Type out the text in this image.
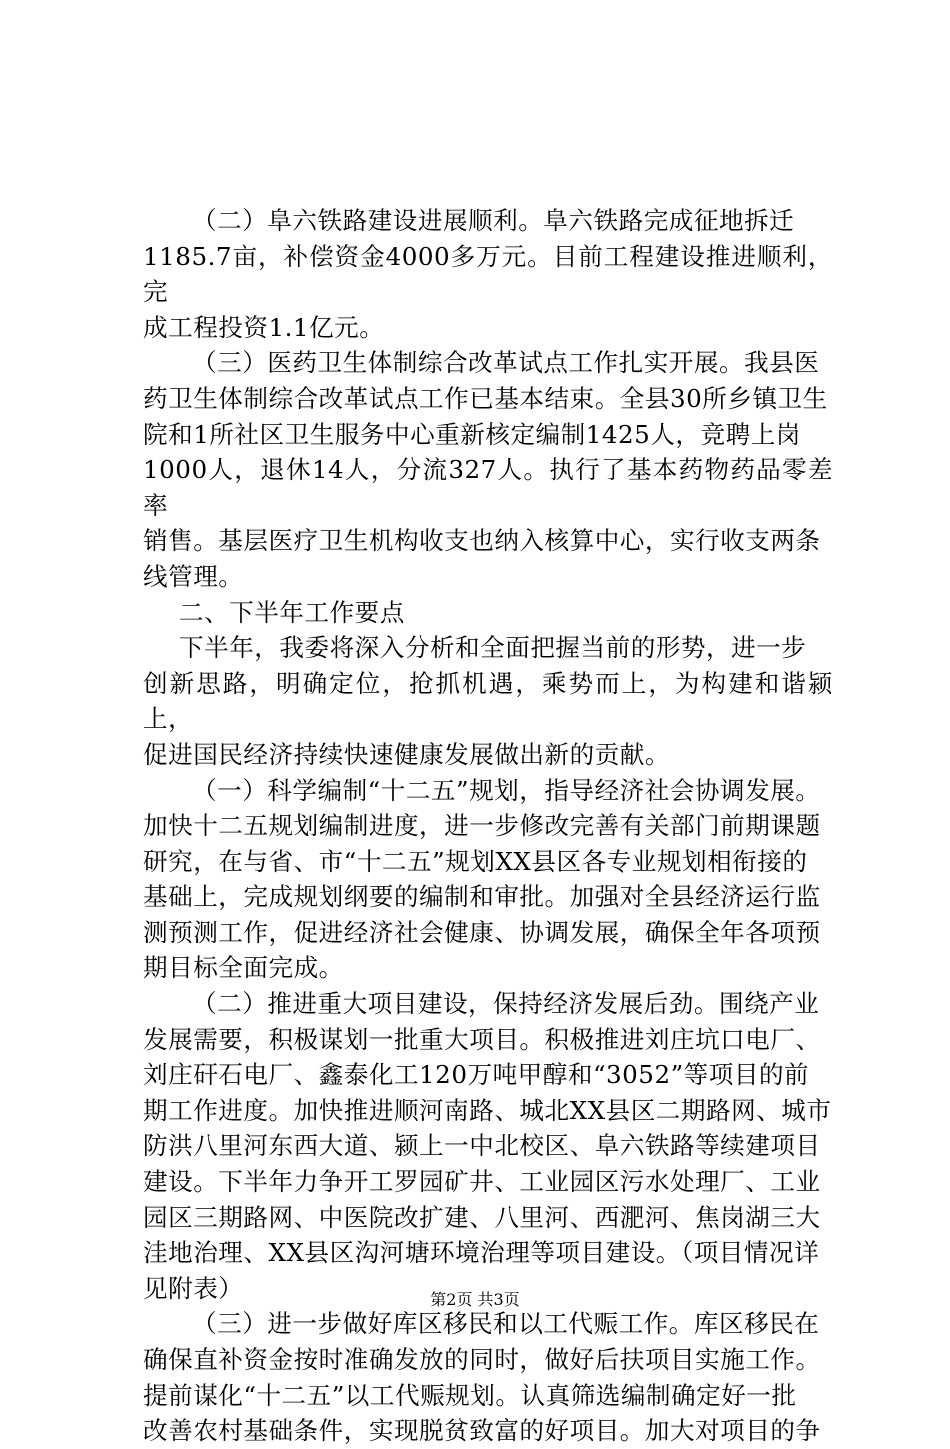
（二）阜六铁路建设进展顺利。阜六铁路完成征地拆迁

1185.7亩，补偿资金4000多万元。目前工程建设推进顺利，完

成工程投资1.1亿元。

（三）医药卫生体制综合改革试点工作扎实开展。我县医

药卫生体制综合改革试点工作已基本结束。全县30所乡镇卫生

院和1所社区卫生服务中心重新核定编制1425人，竞聘上岗

1000人，退休14人，分流327人。执行了基本药物药品零差率

销售。基层医疗卫生机构收支也纳入核算中心，实行收支两条

线管理。

二、下半年工作要点

下半年，我委将深入分析和全面把握当前的形势，进一步

创新思路，明确定位，抢抓机遇，乘势而上，为构建和谐颍上，

促进国民经济持续快速健康发展做出新的贡献。

（一）科学编制“十二五”规划，指导经济社会协调发展。

加快十二五规划编制进度，进一步修改完善有关部门前期课题

研究，在与省、市“十二五”规划XX县区各专业规划相衔接的

基础上，完成规划纲要的编制和审批。加强对全县经济运行监

测预测工作，促进经济社会健康、协调发展，确保全年各项预

期目标全面完成。

（二）推进重大项目建设，保持经济发展后劲。围绕产业

发展需要，积极谋划一批重大项目。积极推进刘庄坑口电厂、

刘庄矸石电厂、鑫泰化工120万吨甲醇和“3052”等项目的前

期工作进度。加快推进顺河南路、城北XX县区二期路网、城市

防洪八里河东西大道、颍上一中北校区、阜六铁路等续建项目

建设。下半年力争开工罗园矿井、工业园区污水处理厂、工业

园区三期路网、中医院改扩建、八里河、西淝河、焦岗湖三大

洼地治理、XX县区沟河塘环境治理等项目建设。（项目情况详

见附表）

（三）进一步做好库区移民和以工代赈工作。库区移民在

确保直补资金按时准确发放的同时，做好后扶项目实施工作。

提前谋化“十二五”以工代赈规划。认真筛选编制确定好一批

改善农村基础条件，实现脱贫致富的好项目。加大对项目的争

第2页 共3页
